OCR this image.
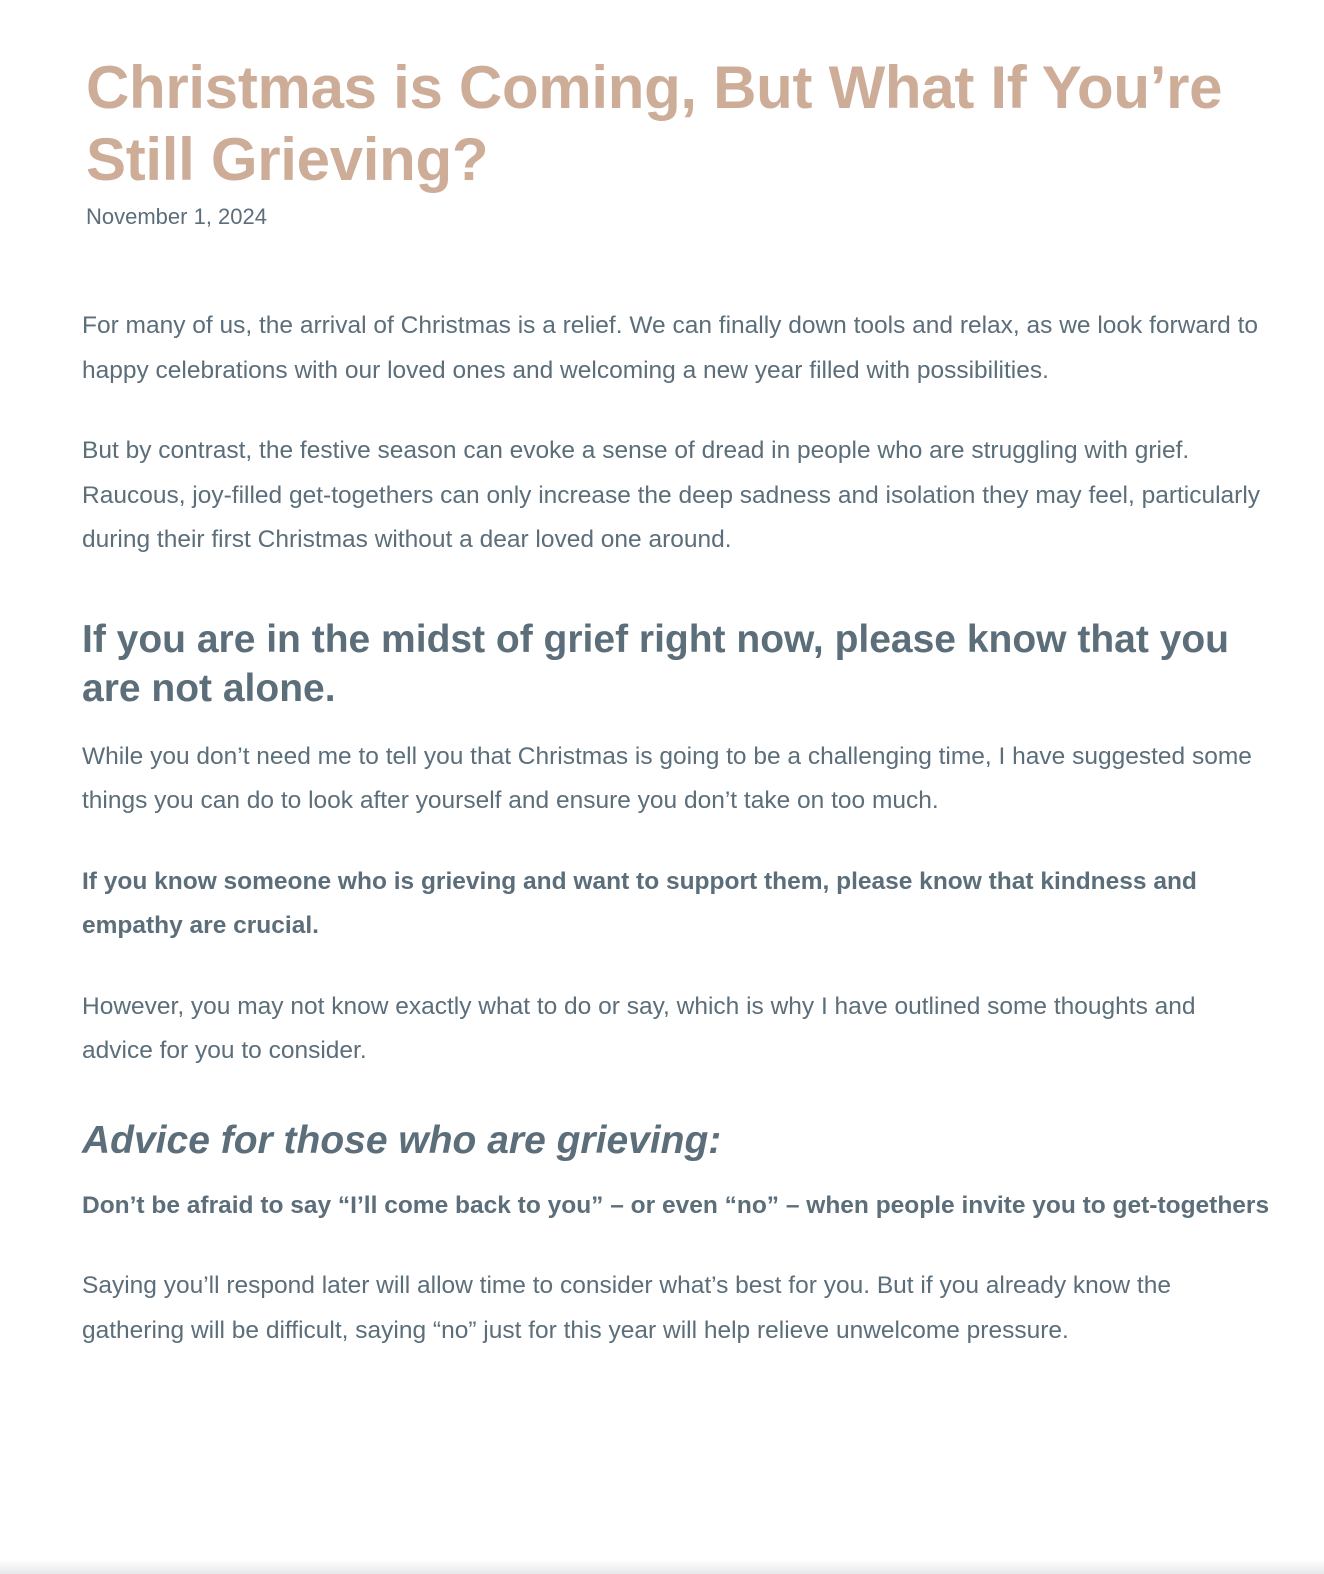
Christmas is Coming, But What If You’re Still Grieving?
November 1, 2024

For many of us, the arrival of Christmas is a relief. We can finally down tools and relax, as we look forward to happy celebrations with our loved ones and welcoming a new year filled with possibilities.

But by contrast, the festive season can evoke a sense of dread in people who are struggling with grief. Raucous, joy-filled get-togethers can only increase the deep sadness and isolation they may feel, particularly during their first Christmas without a dear loved one around.

If you are in the midst of grief right now, please know that you are not alone.

While you don’t need me to tell you that Christmas is going to be a challenging time, I have suggested some things you can do to look after yourself and ensure you don’t take on too much.

If you know someone who is grieving and want to support them, please know that kindness and empathy are crucial.

However, you may not know exactly what to do or say, which is why I have outlined some thoughts and advice for you to consider.

Advice for those who are grieving:

Don’t be afraid to say “I’ll come back to you” – or even “no” – when people invite you to get-togethers

Saying you’ll respond later will allow time to consider what’s best for you. But if you already know the gathering will be difficult, saying “no” just for this year will help relieve unwelcome pressure.
